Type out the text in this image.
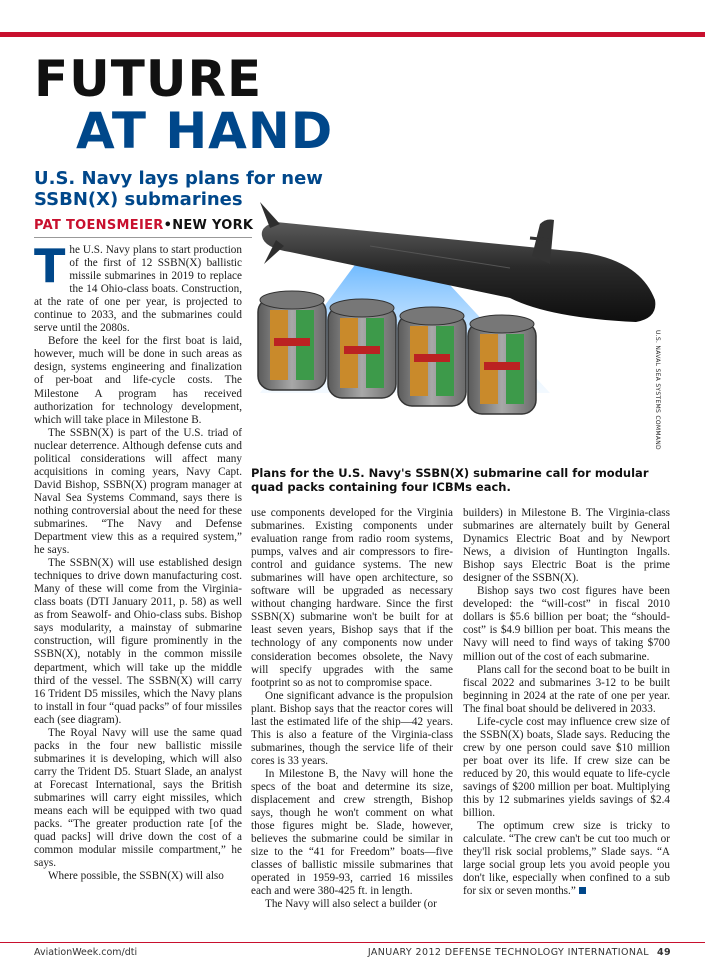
FUTURE
AT HAND
U.S. Navy lays plans for new SSBN(X) submarines
PAT TOENSMEIER•NEW YORK
U.S. NAVAL SEA SYSTEMS COMMAND

Plans for the U.S. Navy's SSBN(X) submarine call for modular quad packs containing four ICBMs each.

The U.S. Navy plans to start production of the first of 12 SSBN(X) ballistic missile submarines in 2019 to replace the 14 Ohio-class boats. Construction, at the rate of one per year, is projected to continue to 2033, and the submarines could serve until the 2080s.

Before the keel for the first boat is laid, however, much will be done in such areas as design, systems engineering and finalization of per-boat and life-cycle costs. The Milestone A program has received authorization for technology development, which will take place in Milestone B.

The SSBN(X) is part of the U.S. triad of nuclear deterrence. Although defense cuts and political considerations will affect many acquisitions in coming years, Navy Capt. David Bishop, SSBN(X) program manager at Naval Sea Systems Command, says there is nothing controversial about the need for these submarines. “The Navy and Defense Department view this as a required system,” he says.

The SSBN(X) will use established design techniques to drive down manufacturing cost. Many of these will come from the Virginia-class boats (DTI January 2011, p. 58) as well as from Seawolf- and Ohio-class subs. Bishop says modularity, a mainstay of submarine construction, will figure prominently in the SSBN(X), notably in the common missile department, which will take up the middle third of the vessel. The SSBN(X) will carry 16 Trident D5 missiles, which the Navy plans to install in four “quad packs” of four missiles each (see diagram).

The Royal Navy will use the same quad packs in the four new ballistic missile submarines it is developing, which will also carry the Trident D5. Stuart Slade, an analyst at Forecast International, says the British submarines will carry eight missiles, which means each will be equipped with two quad packs. “The greater production rate [of the quad packs] will drive down the cost of a common modular missile compartment,” he says.

Where possible, the SSBN(X) will also

use components developed for the Virginia submarines. Existing components under evaluation range from radio room systems, pumps, valves and air compressors to fire-control and guidance systems. The new submarines will have open architecture, so software will be upgraded as necessary without changing hardware. Since the first SSBN(X) submarine won't be built for at least seven years, Bishop says that if the technology of any components now under consideration becomes obsolete, the Navy will specify upgrades with the same footprint so as not to compromise space.

One significant advance is the propulsion plant. Bishop says that the reactor cores will last the estimated life of the ship—42 years. This is also a feature of the Virginia-class submarines, though the service life of their cores is 33 years.

In Milestone B, the Navy will hone the specs of the boat and determine its size, displacement and crew strength, Bishop says, though he won't comment on what those figures might be. Slade, however, believes the submarine could be similar in size to the “41 for Freedom” boats—five classes of ballistic missile submarines that operated in 1959-93, carried 16 missiles each and were 380-425 ft. in length.

The Navy will also select a builder (or

builders) in Milestone B. The Virginia-class submarines are alternately built by General Dynamics Electric Boat and by Newport News, a division of Huntington Ingalls. Bishop says Electric Boat is the prime designer of the SSBN(X).

Bishop says two cost figures have been developed: the “will-cost” in fiscal 2010 dollars is $5.6 billion per boat; the “should-cost” is $4.9 billion per boat. This means the Navy will need to find ways of taking $700 million out of the cost of each submarine.

Plans call for the second boat to be built in fiscal 2022 and submarines 3-12 to be built beginning in 2024 at the rate of one per year. The final boat should be delivered in 2033.

Life-cycle cost may influence crew size of the SSBN(X) boats, Slade says. Reducing the crew by one person could save $10 million per boat over its life. If crew size can be reduced by 20, this would equate to life-cycle savings of $200 million per boat. Multiplying this by 12 submarines yields savings of $2.4 billion.

The optimum crew size is tricky to calculate. “The crew can't be cut too much or they'll risk social problems,” Slade says. “A large social group lets you avoid people you don't like, especially when confined to a sub for six or seven months.”

AviationWeek.com/dti	JANUARY 2012 DEFENSE TECHNOLOGY INTERNATIONAL 49
